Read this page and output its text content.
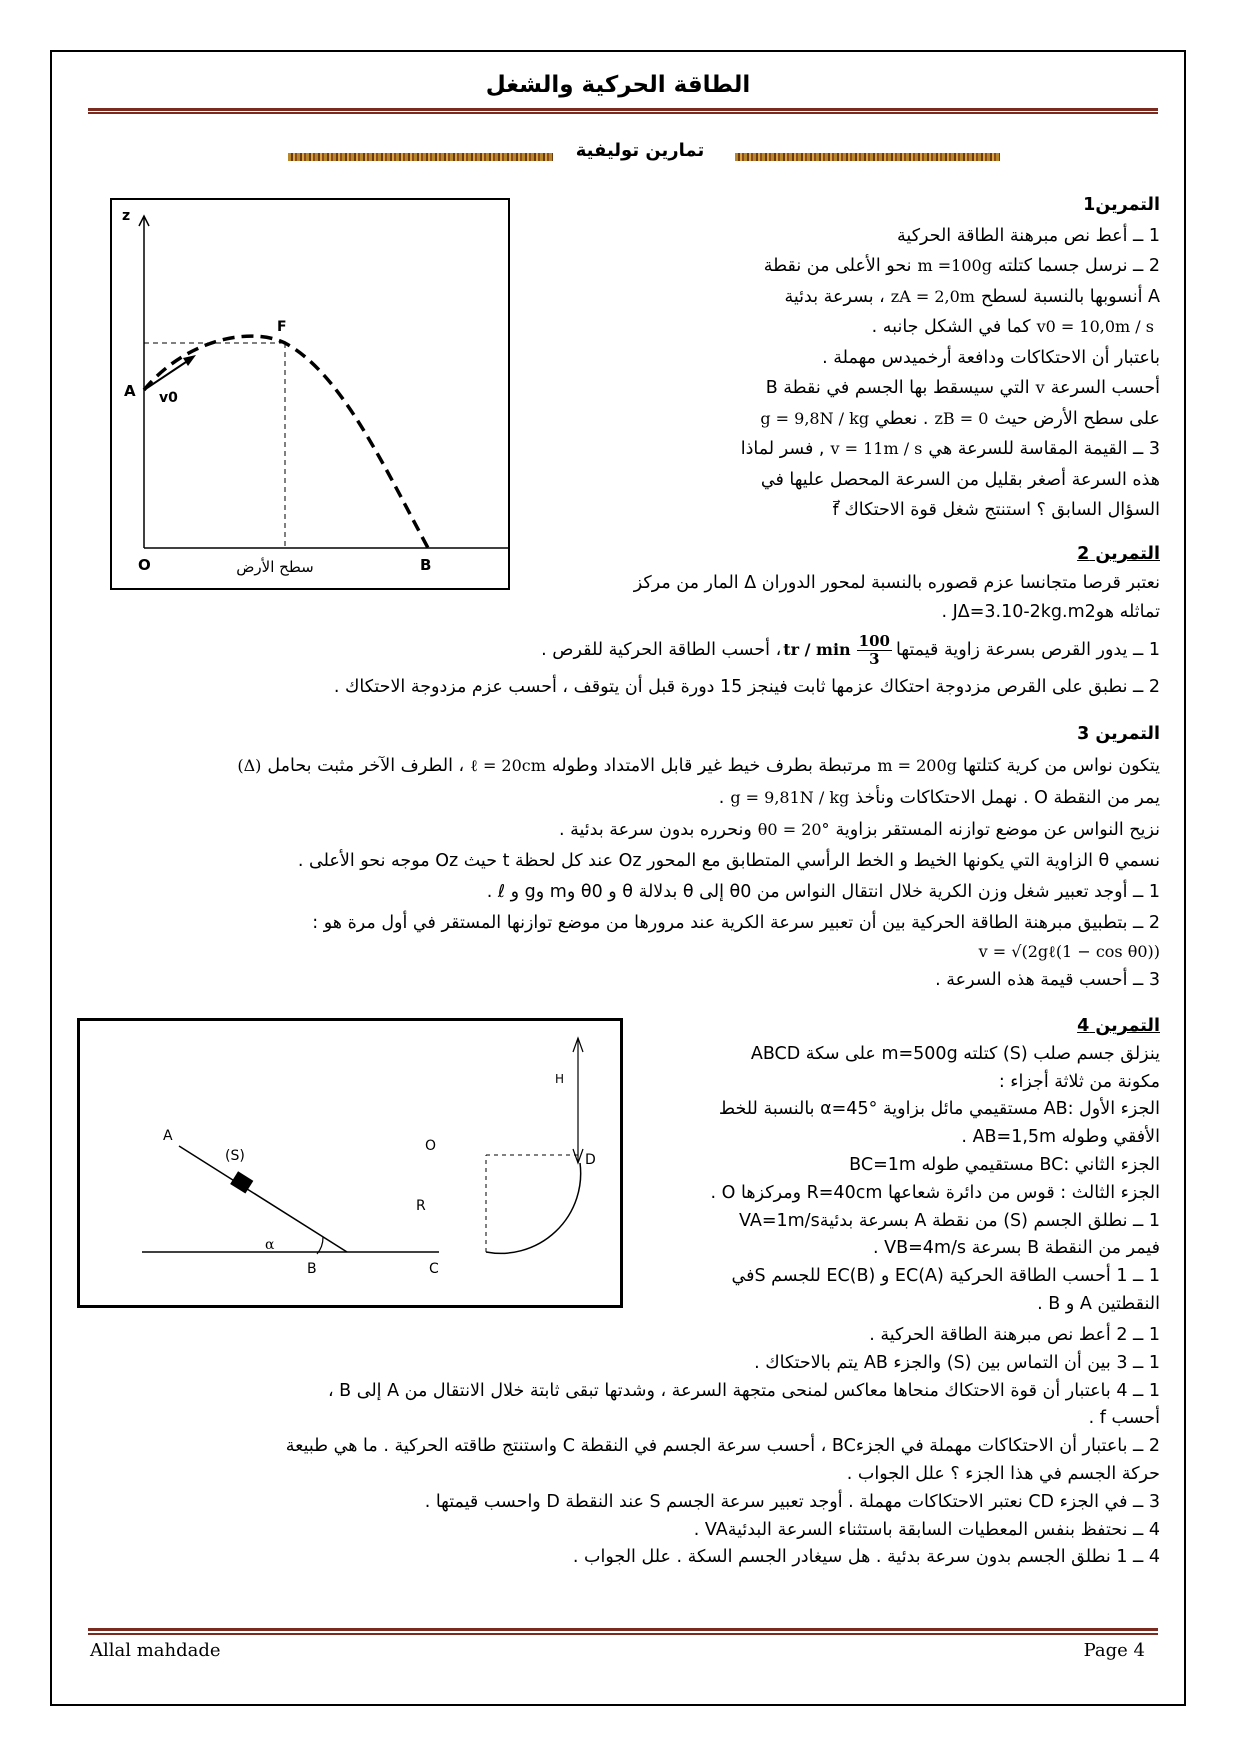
الطاقة الحركية والشغل
تمارين توليفية
z
A v0
F
O	B
سطح الأرض

التمرين1

1 ــ أعط نص مبرهنة الطاقة الحركية

2 ــ نرسل جسما كتلتهm =100gنحو الأعلى من نقطة

A أنسوبها بالنسبة لسطحzA = 2,0m، بسرعة بدئية

v0 = 10,0m / sكما في الشكل جانبه .

باعتبار أن الاحتكاكات ودافعة أرخميدس مهملة .

أحسب السرعةvالتي سيسقط بها الجسم في نقطة B

على سطح الأرض حيثzB = 0. نعطيg = 9,8N / kg

3 ــ القيمة المقاسة للسرعة هيv = 11m / s, فسر لماذا

هذه السرعة أصغر بقليل من السرعة المحصل عليها في

السؤال السابق ؟ استنتج شغل قوة الاحتكاكf⃗

التمرين 2

نعتبر قرصا متجانسا عزم قصوره بالنسبة لمحور الدوران Δ المار من مركز

تماثله هوJΔ=3.10-2kg.m2 .

1 ــ يدور القرص بسرعة زاوية قيمتها
$\frac{100}{3}$
tr / min، أحسب الطاقة الحركية للقرص .

2 ــ نطبق على القرص مزدوجة احتكاك عزمها ثابت فينجز 15 دورة قبل أن يتوقف ، أحسب عزم مزدوجة الاحتكاك .

التمرين 3

يتكون نواس من كرية كتلتهاm = 200gمرتبطة بطرف خيط غير قابل الامتداد وطولهℓ = 20cm، الطرف الآخر مثبت بحامل(Δ)

يمر من النقطة O . نهمل الاحتكاكات ونأخذg = 9,81N / kg.

نزيح النواس عن موضع توازنه المستقر بزاويةθ0 = 20°ونحرره بدون سرعة بدئية .

نسمي θ الزاوية التي يكونها الخيط و الخط الرأسي المتطابق مع المحور Oz عند كل لحظة t حيث Oz موجه نحو الأعلى .

1 ــ أوجد تعبير شغل وزن الكرية خلال انتقال النواس من θ0 إلى θ بدلالة θ و θ0 وm وg و ℓ .

2 ــ بتطبيق مبرهنة الطاقة الحركية بين أن تعبير سرعة الكرية عند مرورها من موضع توازنها المستقر في أول مرة هو :

v = √(2gℓ(1 − cos θ0))

3 ــ أحسب قيمة هذه السرعة .

A
(S)
α
B	C
R
O
D
H

التمرين 4

ينزلق جسم صلب (S) كتلته m=500g على سكة ABCD

مكونة من ثلاثة أجزاء :

الجزء الأول :AB مستقيمي مائل بزاوية α=45° بالنسبة للخط

الأفقي وطوله AB=1,5m .

الجزء الثاني :BC مستقيمي طوله BC=1m

الجزء الثالث : قوس من دائرة شعاعها R=40cm ومركزها O .

1 ــ نطلق الجسم (S) من نقطة A بسرعة بدئيةVA=1m/s

فيمر من النقطة B بسرعة VB=4m/s .

1 ــ 1 أحسب الطاقة الحركية EC(A) و EC(B) للجسم Sفي

النقطتين A و B .

1 ــ 2 أعط نص مبرهنة الطاقة الحركية .

1 ــ 3 بين أن التماس بين (S) والجزء AB يتم بالاحتكاك .

1 ــ 4 باعتبار أن قوة الاحتكاك منحاها معاكس لمنحى متجهة السرعة ، وشدتها تبقى ثابتة خلال الانتقال من A إلى B ،

أحسب f .

2 ــ باعتبار أن الاحتكاكات مهملة في الجزءBC ، أحسب سرعة الجسم في النقطة C واستنتج طاقته الحركية . ما هي طبيعة

حركة الجسم في هذا الجزء ؟ علل الجواب .

3 ــ في الجزء CD نعتبر الاحتكاكات مهملة . أوجد تعبير سرعة الجسم S عند النقطة D واحسب قيمتها .

4 ــ نحتفظ بنفس المعطيات السابقة باستثناء السرعة البدئيةVA .

4 ــ 1 نطلق الجسم بدون سرعة بدئية . هل سيغادر الجسم السكة . علل الجواب .

Allal mahdade	Page 4
